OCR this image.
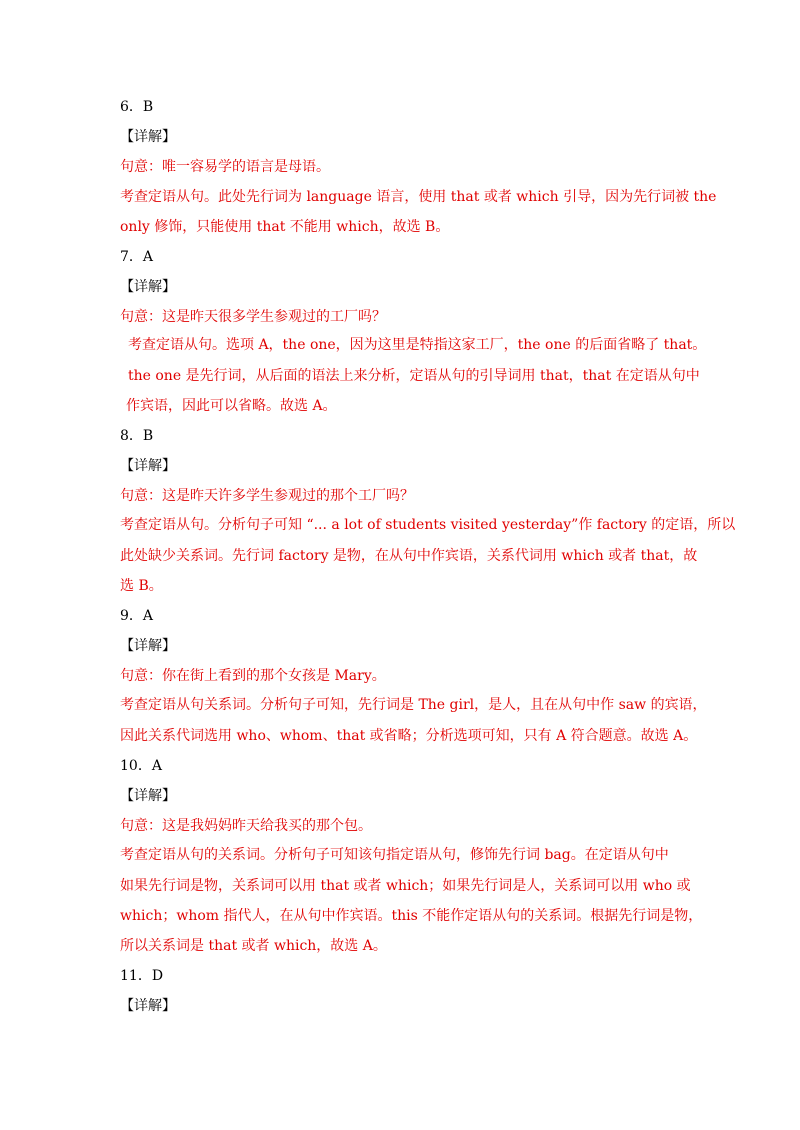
6．B
【详解】
句意：唯一容易学的语言是母语。
考查定语从句。此处先行词为 language 语言，使用 that 或者 which 引导，因为先行词被 the
only 修饰，只能使用 that 不能用 which，故选 B。
7．A
【详解】
句意：这是昨天很多学生参观过的工厂吗？
考查定语从句。选项 A，the one，因为这里是特指这家工厂，the one 的后面省略了 that。
the one 是先行词，从后面的语法上来分析，定语从句的引导词用 that，that 在定语从句中
作宾语，因此可以省略。故选 A。
8．B
【详解】
句意：这是昨天许多学生参观过的那个工厂吗？
考查定语从句。分析句子可知 “... a lot of students visited yesterday”作 factory 的定语，所以
此处缺少关系词。先行词 factory 是物，在从句中作宾语，关系代词用 which 或者 that，故
选 B。
9．A
【详解】
句意：你在街上看到的那个女孩是 Mary。
考查定语从句关系词。分析句子可知，先行词是 The girl，是人，且在从句中作 saw 的宾语，
因此关系代词选用 who、whom、that 或省略；分析选项可知，只有 A 符合题意。故选 A。
10．A
【详解】
句意：这是我妈妈昨天给我买的那个包。
考查定语从句的关系词。分析句子可知该句指定语从句，修饰先行词 bag。在定语从句中
如果先行词是物，关系词可以用 that 或者 which；如果先行词是人，关系词可以用 who 或
which；whom 指代人，在从句中作宾语。this 不能作定语从句的关系词。根据先行词是物，
所以关系词是 that 或者 which，故选 A。
11．D
【详解】
